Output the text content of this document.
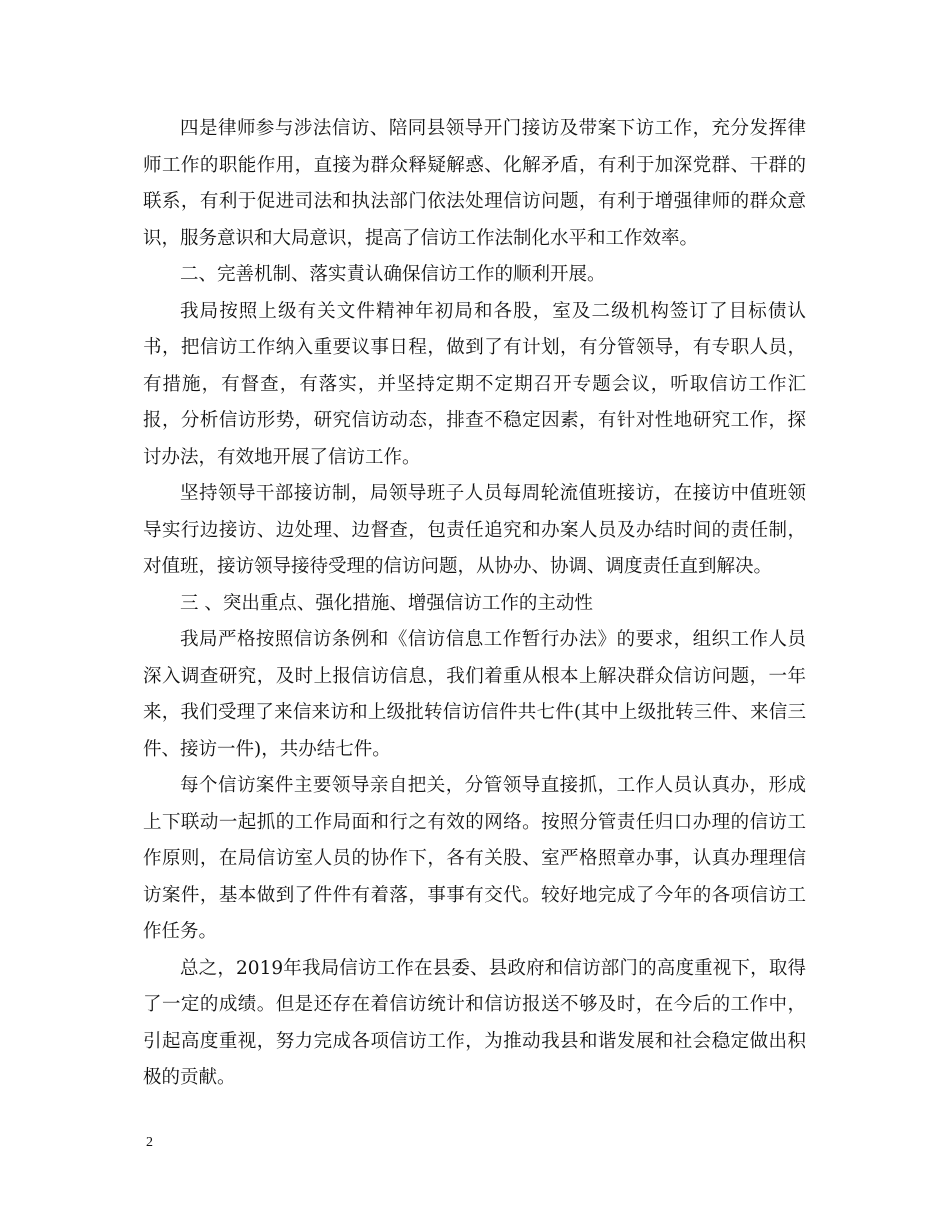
四是律师参与涉法信访、陪同县领导开门接访及带案下访工作，充分发挥律师工作的职能作用，直接为群众释疑解惑、化解矛盾，有利于加深党群、干群的联系，有利于促进司法和执法部门依法处理信访问题，有利于增强律师的群众意识，服务意识和大局意识，提高了信访工作法制化水平和工作效率。

二、完善机制、落实責认确保信访工作的顺利开展。

我局按照上级有关文件精神年初局和各股，室及二级机构签订了目标债认书，把信访工作纳入重要议事日程，做到了有计划，有分管领导，有专职人员，有措施，有督查，有落实，并坚持定期不定期召开专题会议，听取信访工作汇报，分析信访形势，研究信访动态，排查不稳定因素，有针对性地研究工作，探讨办法，有效地开展了信访工作。

坚持领导干部接访制，局领导班子人员每周轮流值班接访，在接访中值班领导实行边接访、边处理、边督查，包责任追究和办案人员及办结时间的责任制，对值班，接访领导接待受理的信访问题，从协办、协调、调度责任直到解决。

三 、突出重点、强化措施、增强信访工作的主动性

我局严格按照信访条例和《信访信息工作暂行办法》的要求，组织工作人员深入调查研究，及时上报信访信息，我们着重从根本上解决群众信访问题，一年来，我们受理了来信来访和上级批转信访信件共七件(其中上级批转三件、来信三件、接访一件)，共办结七件。

每个信访案件主要领导亲自把关，分管领导直接抓，工作人员认真办，形成上下联动一起抓的工作局面和行之有效的网络。按照分管责任归口办理的信访工作原则，在局信访室人员的协作下，各有关股、室严格照章办事，认真办理理信访案件，基本做到了件件有着落，事事有交代。较好地完成了今年的各项信访工作任务。

总之，2019年我局信访工作在县委、县政府和信访部门的高度重视下，取得了一定的成绩。但是还存在着信访统计和信访报送不够及时，在今后的工作中，引起高度重视，努力完成各项信访工作，为推动我县和谐发展和社会稳定做出积极的贡献。

2
